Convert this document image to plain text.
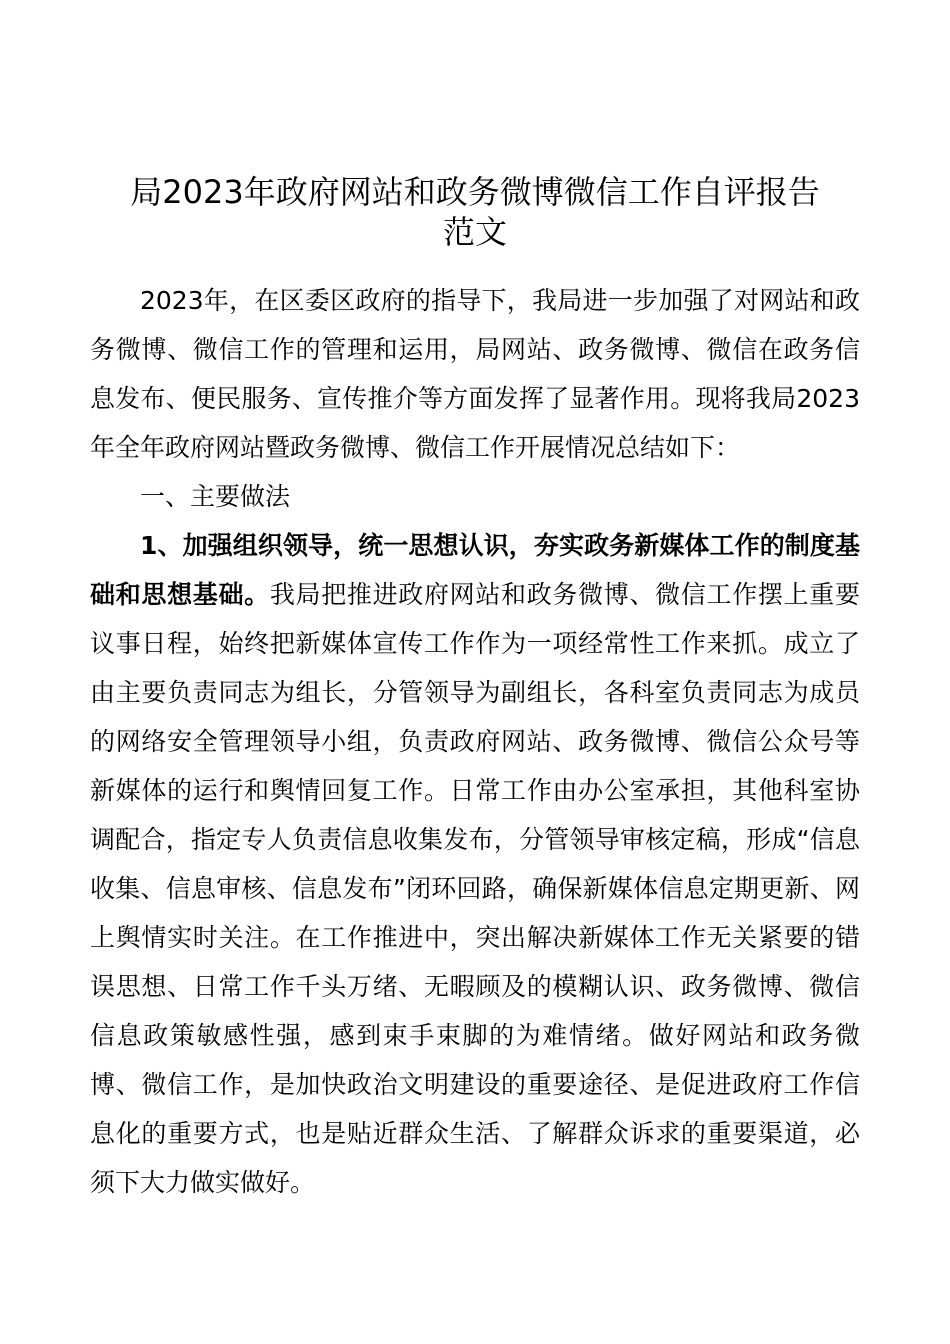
局2023年政府网站和政务微博微信工作自评报告
范文

2023年，在区委区政府的指导下，我局进一步加强了对网站和政务微博、微信工作的管理和运用，局网站、政务微博、微信在政务信息发布、便民服务、宣传推介等方面发挥了显著作用。现将我局2023年全年政府网站暨政务微博、微信工作开展情况总结如下：

一、主要做法

1、加强组织领导，统一思想认识，夯实政务新媒体工作的制度基础和思想基础。我局把推进政府网站和政务微博、微信工作摆上重要议事日程，始终把新媒体宣传工作作为一项经常性工作来抓。成立了由主要负责同志为组长，分管领导为副组长，各科室负责同志为成员的网络安全管理领导小组，负责政府网站、政务微博、微信公众号等新媒体的运行和舆情回复工作。日常工作由办公室承担，其他科室协调配合，指定专人负责信息收集发布，分管领导审核定稿，形成“信息收集、信息审核、信息发布”闭环回路，确保新媒体信息定期更新、网上舆情实时关注。在工作推进中，突出解决新媒体工作无关紧要的错误思想、日常工作千头万绪、无暇顾及的模糊认识、政务微博、微信信息政策敏感性强，感到束手束脚的为难情绪。做好网站和政务微博、微信工作，是加快政治文明建设的重要途径、是促进政府工作信息化的重要方式，也是贴近群众生活、了解群众诉求的重要渠道，必须下大力做实做好。
